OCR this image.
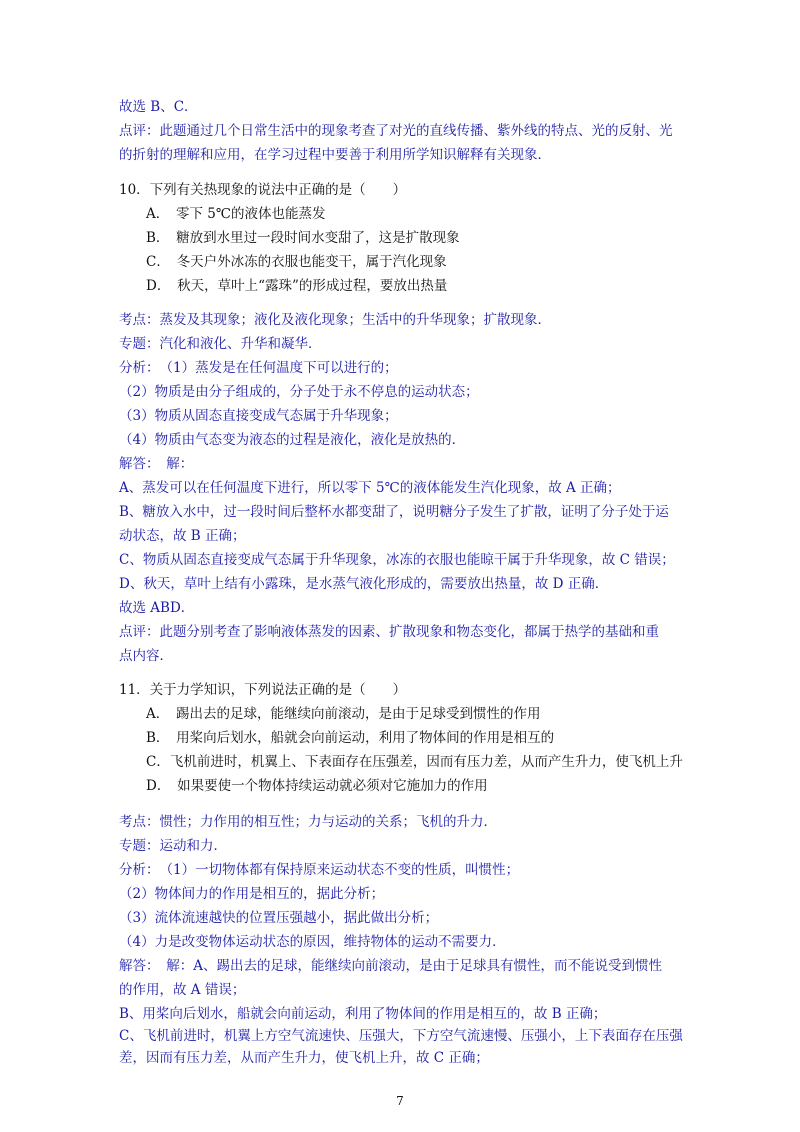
故选 B、C．
点评：此题通过几个日常生活中的现象考查了对光的直线传播、紫外线的特点、光的反射、光
的折射的理解和应用，在学习过程中要善于利用所学知识解释有关现象．
10．下列有关热现象的说法中正确的是（　　）
A．　零下 5℃的液体也能蒸发
B．　糖放到水里过一段时间水变甜了，这是扩散现象
C．　冬天户外冰冻的衣服也能变干，属于汽化现象
D．　秋天，草叶上“露珠”的形成过程，要放出热量
考点：蒸发及其现象；液化及液化现象；生活中的升华现象；扩散现象．
专题：汽化和液化、升华和凝华．
分析：　（1）蒸发是在任何温度下可以进行的；
（2）物质是由分子组成的，分子处于永不停息的运动状态；
（3）物质从固态直接变成气态属于升华现象；
（4）物质由气态变为液态的过程是液化，液化是放热的．
解答：　解：
A、蒸发可以在任何温度下进行，所以零下 5℃的液体能发生汽化现象，故 A 正确；
B、糖放入水中，过一段时间后整杯水都变甜了，说明糖分子发生了扩散，证明了分子处于运
动状态，故 B 正确；
C、物质从固态直接变成气态属于升华现象，冰冻的衣服也能晾干属于升华现象，故 C 错误；
D、秋天，草叶上结有小露珠，是水蒸气液化形成的，需要放出热量，故 D 正确．
故选 ABD．
点评：此题分别考查了影响液体蒸发的因素、扩散现象和物态变化，都属于热学的基础和重
点内容．
11．关于力学知识，下列说法正确的是（　　）
A．　踢出去的足球，能继续向前滚动，是由于足球受到惯性的作用
B．　用桨向后划水，船就会向前运动，利用了物体间的作用是相互的
C．飞机前进时，机翼上、下表面存在压强差，因而有压力差，从而产生升力，使飞机上升
D．　如果要使一个物体持续运动就必须对它施加力的作用
考点：惯性；力作用的相互性；力与运动的关系；飞机的升力．
专题：运动和力．
分析：　（1）一切物体都有保持原来运动状态不变的性质，叫惯性；
（2）物体间力的作用是相互的，据此分析；
（3）流体流速越快的位置压强越小，据此做出分析；
（4）力是改变物体运动状态的原因，维持物体的运动不需要力．
解答：　解：A、踢出去的足球，能继续向前滚动，是由于足球具有惯性，而不能说受到惯性
的作用，故 A 错误；
B、用桨向后划水，船就会向前运动，利用了物体间的作用是相互的，故 B 正确；
C、飞机前进时，机翼上方空气流速快、压强大，下方空气流速慢、压强小，上下表面存在压强
7
差，因而有压力差，从而产生升力，使飞机上升，故 C 正确；
